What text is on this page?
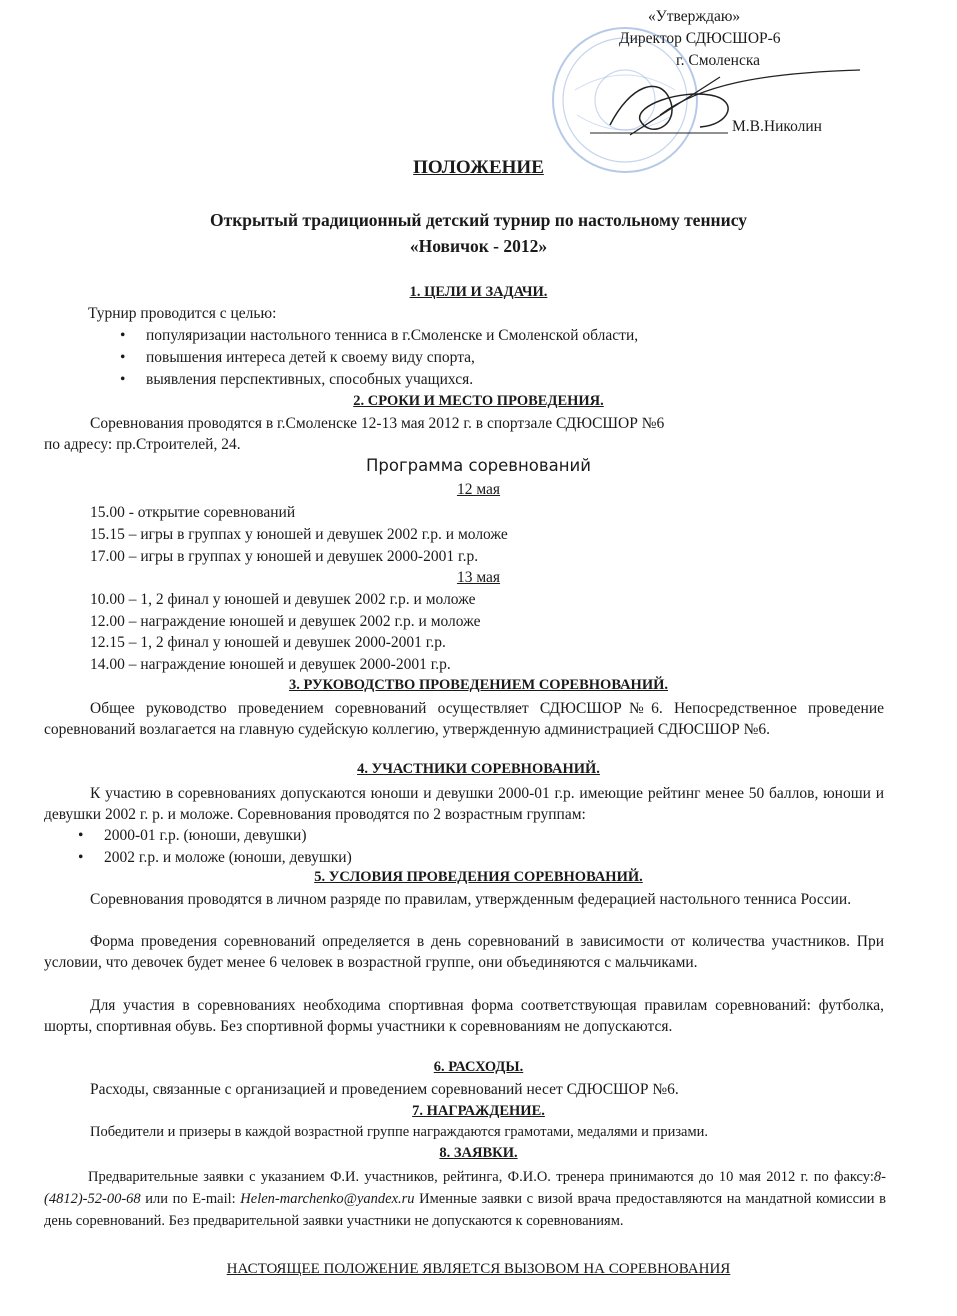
«Утверждаю»
Директор СДЮСШОР-6
г. Смоленска
М.В.Николин
ПОЛОЖЕНИЕ
Открытый традиционный детский турнир по настольному теннису
«Новичок - 2012»
1. ЦЕЛИ И ЗАДАЧИ.
Турнир проводится с целью:
• популяризации настольного тенниса в г.Смоленске и Смоленской области,
• повышения интереса детей к своему виду спорта,
• выявления перспективных, способных учащихся.
2. СРОКИ И МЕСТО ПРОВЕДЕНИЯ.
Соревнования проводятся в г.Смоленске 12-13 мая 2012 г. в спортзале СДЮСШОР №6
по адресу: пр.Строителей, 24.
Программа соревнований
12 мая
15.00 - открытие соревнований
15.15 – игры в группах у юношей и девушек 2002 г.р. и моложе
17.00 – игры в группах у юношей и девушек 2000-2001 г.р.
13 мая
10.00 – 1, 2 финал у юношей и девушек 2002 г.р. и моложе
12.00 – награждение юношей и девушек 2002 г.р. и моложе
12.15 – 1, 2 финал у юношей и девушек 2000-2001 г.р.
14.00 – награждение юношей и девушек 2000-2001 г.р.
3. РУКОВОДСТВО ПРОВЕДЕНИЕМ СОРЕВНОВАНИЙ.
Общее руководство проведением соревнований осуществляет СДЮСШОР№6. Непосредственное проведение соревнований возлагается на главную судейскую коллегию, утвержденную администрацией СДЮСШОР №6.
4. УЧАСТНИКИ СОРЕВНОВАНИЙ.
К участию в соревнованиях допускаются юноши и девушки 2000-01 г.р. имеющие рейтинг менее 50 баллов, юноши и девушки 2002 г. р. и моложе. Соревнования проводятся по 2 возрастным группам:
• 2000-01 г.р. (юноши, девушки)
• 2002 г.р. и моложе (юноши, девушки)
5. УСЛОВИЯ ПРОВЕДЕНИЯ СОРЕВНОВАНИЙ.
Соревнования проводятся в личном разряде по правилам, утвержденным федерацией настольного тенниса России.
Форма проведения соревнований определяется в день соревнований в зависимости от количества участников. При условии, что девочек будет менее 6 человек в возрастной группе, они объединяются с мальчиками.
Для участия в соревнованиях необходима спортивная форма соответствующая правилам соревнований: футболка, шорты, спортивная обувь. Без спортивной формы участники к соревнованиям не допускаются.
6. РАСХОДЫ.
Расходы, связанные с организацией и проведением соревнований несет СДЮСШОР №6.
7. НАГРАЖДЕНИЕ.
Победители и призеры в каждой возрастной группе награждаются грамотами, медалями и призами.
8. ЗАЯВКИ.
Предварительные заявки с указанием Ф.И. участников, рейтинга, Ф.И.О. тренера принимаются до 10 мая 2012 г. по факсу:8-(4812)-52-00-68 или по E-mail: Helen-marchenko@yandex.ru Именные заявки с визой врача предоставляются на мандатной комиссии в день соревнований. Без предварительной заявки участники не допускаются к соревнованиям.
НАСТОЯЩЕЕ ПОЛОЖЕНИЕ ЯВЛЯЕТСЯ ВЫЗОВОМ НА СОРЕВНОВАНИЯ
